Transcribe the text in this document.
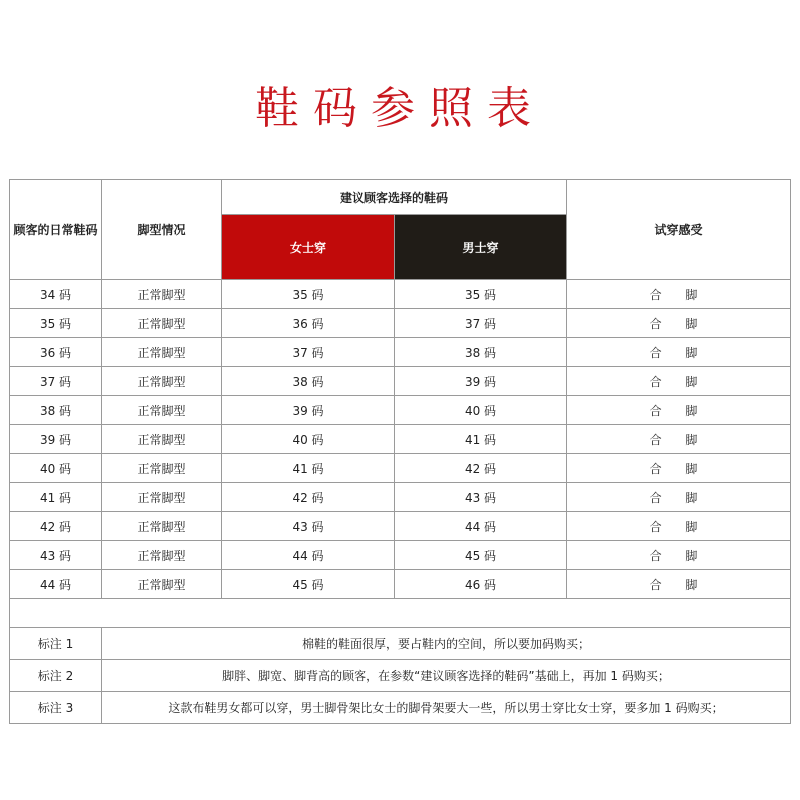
鞋码参照表
顾客的日常鞋码	脚型情况	建议顾客选择的鞋码		试穿感受
		女士穿	男士穿	
34 码	正常脚型	35 码	35 码	合 脚
35 码	正常脚型	36 码	37 码	合 脚
36 码	正常脚型	37 码	38 码	合 脚
37 码	正常脚型	38 码	39 码	合 脚
38 码	正常脚型	39 码	40 码	合 脚
39 码	正常脚型	40 码	41 码	合 脚
40 码	正常脚型	41 码	42 码	合 脚
41 码	正常脚型	42 码	43 码	合 脚
42 码	正常脚型	43 码	44 码	合 脚
43 码	正常脚型	44 码	45 码	合 脚
44 码	正常脚型	45 码	46 码	合 脚

标注 1	棉鞋的鞋面很厚，要占鞋内的空间，所以要加码购买；			
标注 2	脚胖、脚宽、脚背高的顾客，在参数“建议顾客选择的鞋码”基础上，再加 1 码购买；			
标注 3	这款布鞋男女都可以穿，男士脚骨架比女士的脚骨架要大一些，所以男士穿比女士穿，要多加 1 码购买；			
